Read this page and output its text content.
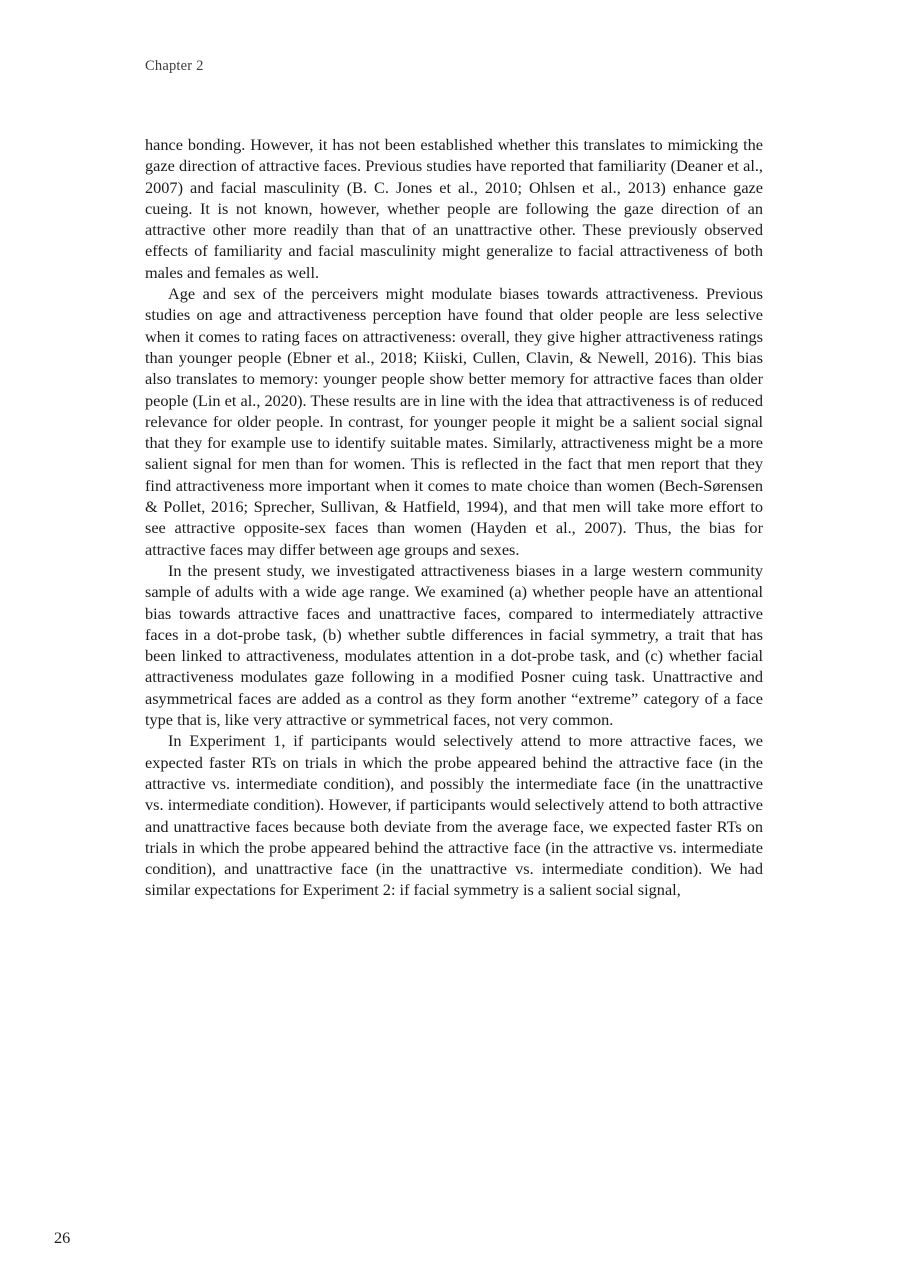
Chapter 2

hance bonding. However, it has not been established whether this translates to mimicking the gaze direction of attractive faces. Previous studies have reported that familiarity (Deaner et al., 2007) and facial masculinity (B. C. Jones et al., 2010; Ohlsen et al., 2013) enhance gaze cueing. It is not known, however, whether people are following the gaze direction of an attractive other more readily than that of an unattractive other. These previously observed effects of familiarity and facial masculinity might generalize to facial attractiveness of both males and females as well.

Age and sex of the perceivers might modulate biases towards attractiveness. Previous studies on age and attractiveness perception have found that older people are less selective when it comes to rating faces on attractiveness: overall, they give higher attractiveness ratings than younger people (Ebner et al., 2018; Kiiski, Cullen, Clavin, & Newell, 2016). This bias also translates to memory: younger people show better memory for attractive faces than older people (Lin et al., 2020). These results are in line with the idea that attractiveness is of reduced relevance for older people. In contrast, for younger people it might be a salient social signal that they for example use to identify suitable mates. Similarly, attractiveness might be a more salient signal for men than for women. This is reflected in the fact that men report that they find attractiveness more important when it comes to mate choice than women (Bech-Sørensen & Pollet, 2016; Sprecher, Sullivan, & Hatfield, 1994), and that men will take more effort to see attractive opposite-sex faces than women (Hayden et al., 2007). Thus, the bias for attractive faces may differ between age groups and sexes.

In the present study, we investigated attractiveness biases in a large western community sample of adults with a wide age range. We examined (a) whether people have an attentional bias towards attractive faces and unattractive faces, compared to intermediately attractive faces in a dot-probe task, (b) whether subtle differences in facial symmetry, a trait that has been linked to attractiveness, modulates attention in a dot-probe task, and (c) whether facial attractiveness modulates gaze following in a modified Posner cuing task. Unattractive and asymmetrical faces are added as a control as they form another “extreme” category of a face type that is, like very attractive or symmetrical faces, not very common.

In Experiment 1, if participants would selectively attend to more attractive faces, we expected faster RTs on trials in which the probe appeared behind the attractive face (in the attractive vs. intermediate condition), and possibly the intermediate face (in the unattractive vs. intermediate condition). However, if participants would selectively attend to both attractive and unattractive faces because both deviate from the average face, we expected faster RTs on trials in which the probe appeared behind the attractive face (in the attractive vs. intermediate condition), and unattractive face (in the unattractive vs. intermediate condition). We had similar expectations for Experiment 2: if facial symmetry is a salient social signal,

26
